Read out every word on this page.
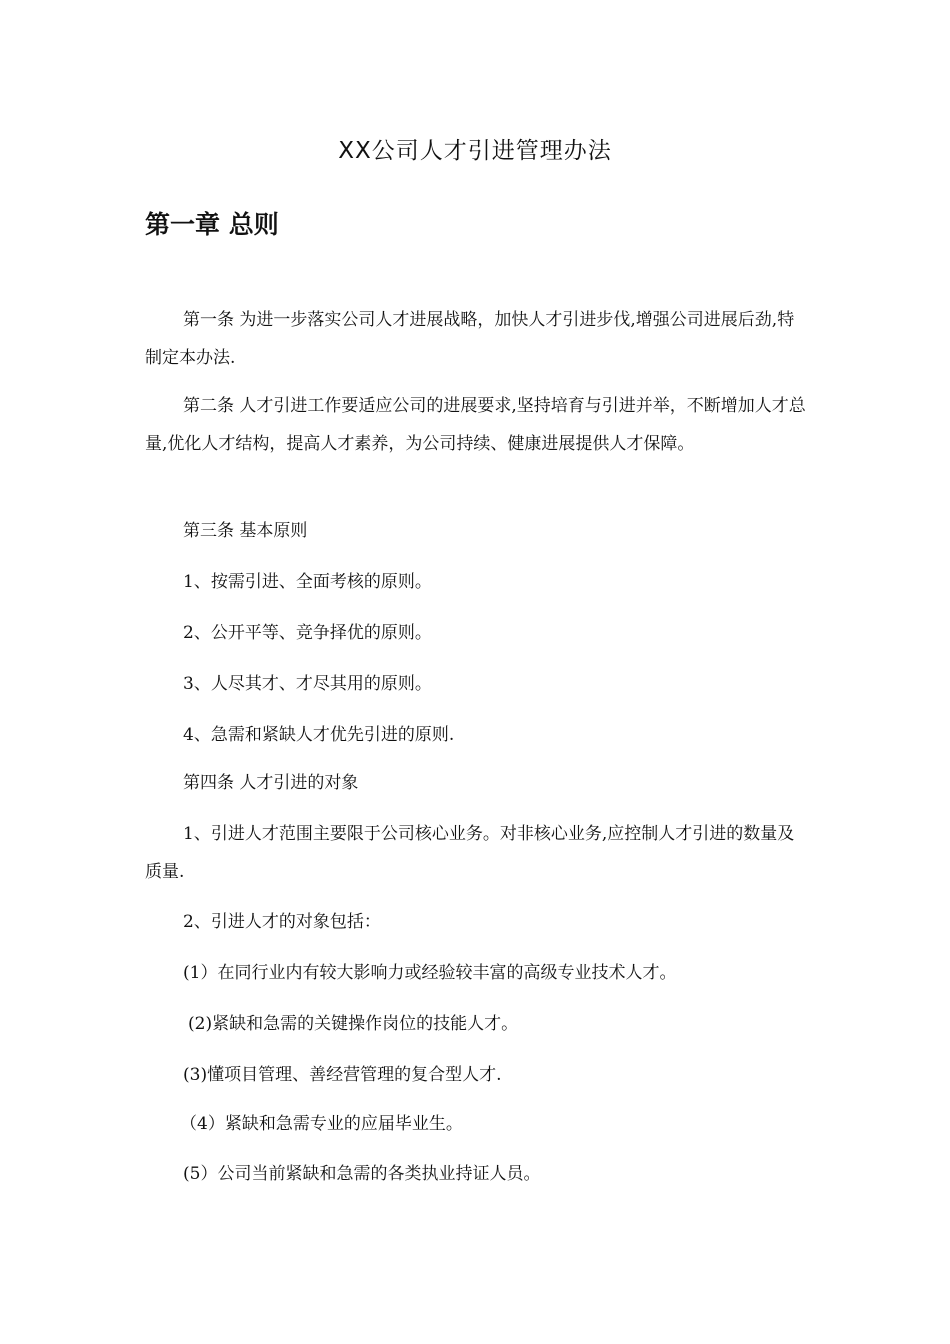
XX公司人才引进管理办法
第一章 总则

第一条 为进一步落实公司人才进展战略，加快人才引进步伐,增强公司进展后劲,特制定本办法.

第二条 人才引进工作要适应公司的进展要求,坚持培育与引进并举，不断增加人才总量,优化人才结构，提高人才素养，为公司持续、健康进展提供人才保障。

第三条 基本原则
1、按需引进、全面考核的原则。
2、公开平等、竞争择优的原则。
3、人尽其才、才尽其用的原则。
4、急需和紧缺人才优先引进的原则.
第四条 人才引进的对象

1、引进人才范围主要限于公司核心业务。对非核心业务,应控制人才引进的数量及质量.

2、引进人才的对象包括：
(1）在同行业内有较大影响力或经验较丰富的高级专业技术人才。
(2)紧缺和急需的关键操作岗位的技能人才。
(3)懂项目管理、善经营管理的复合型人才.
（4）紧缺和急需专业的应届毕业生。
(5）公司当前紧缺和急需的各类执业持证人员。
